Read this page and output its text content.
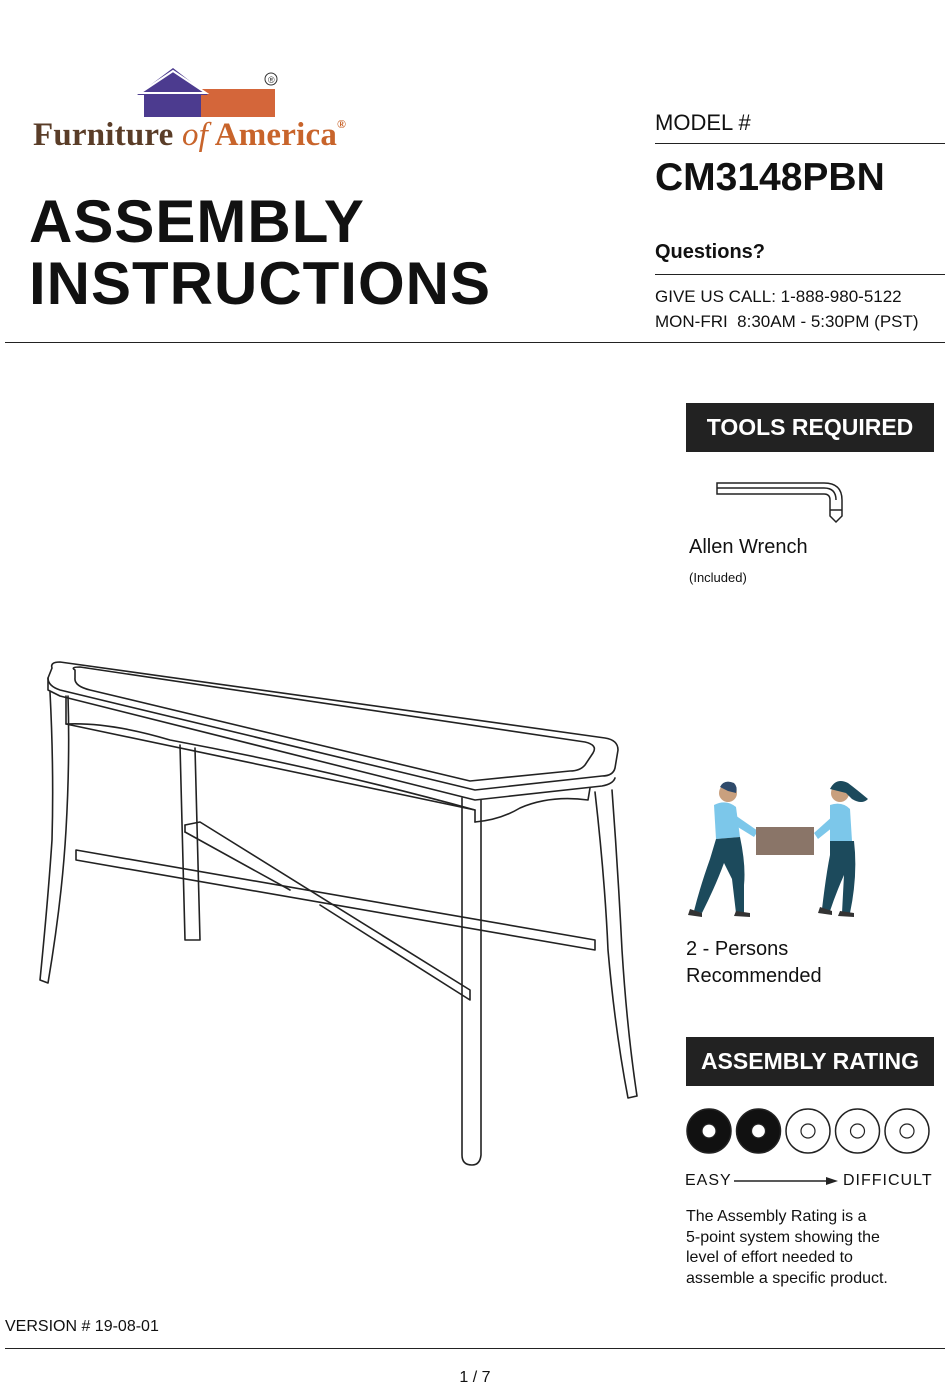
®
Furniture of America®
ASSEMBLY
INSTRUCTIONS
MODEL #
CM3148PBN
Questions?
GIVE US CALL: 1-888-980-5122
MON-FRI  8:30AM - 5:30PM (PST)
TOOLS REQUIRED
Allen Wrench
(Included)
2 - Persons
Recommended
ASSEMBLY RATING
EASY	DIFFICULT
The Assembly Rating is a
5-point system showing the
level of effort needed to
assemble a specific product.
VERSION # 19-08-01
1 / 7
